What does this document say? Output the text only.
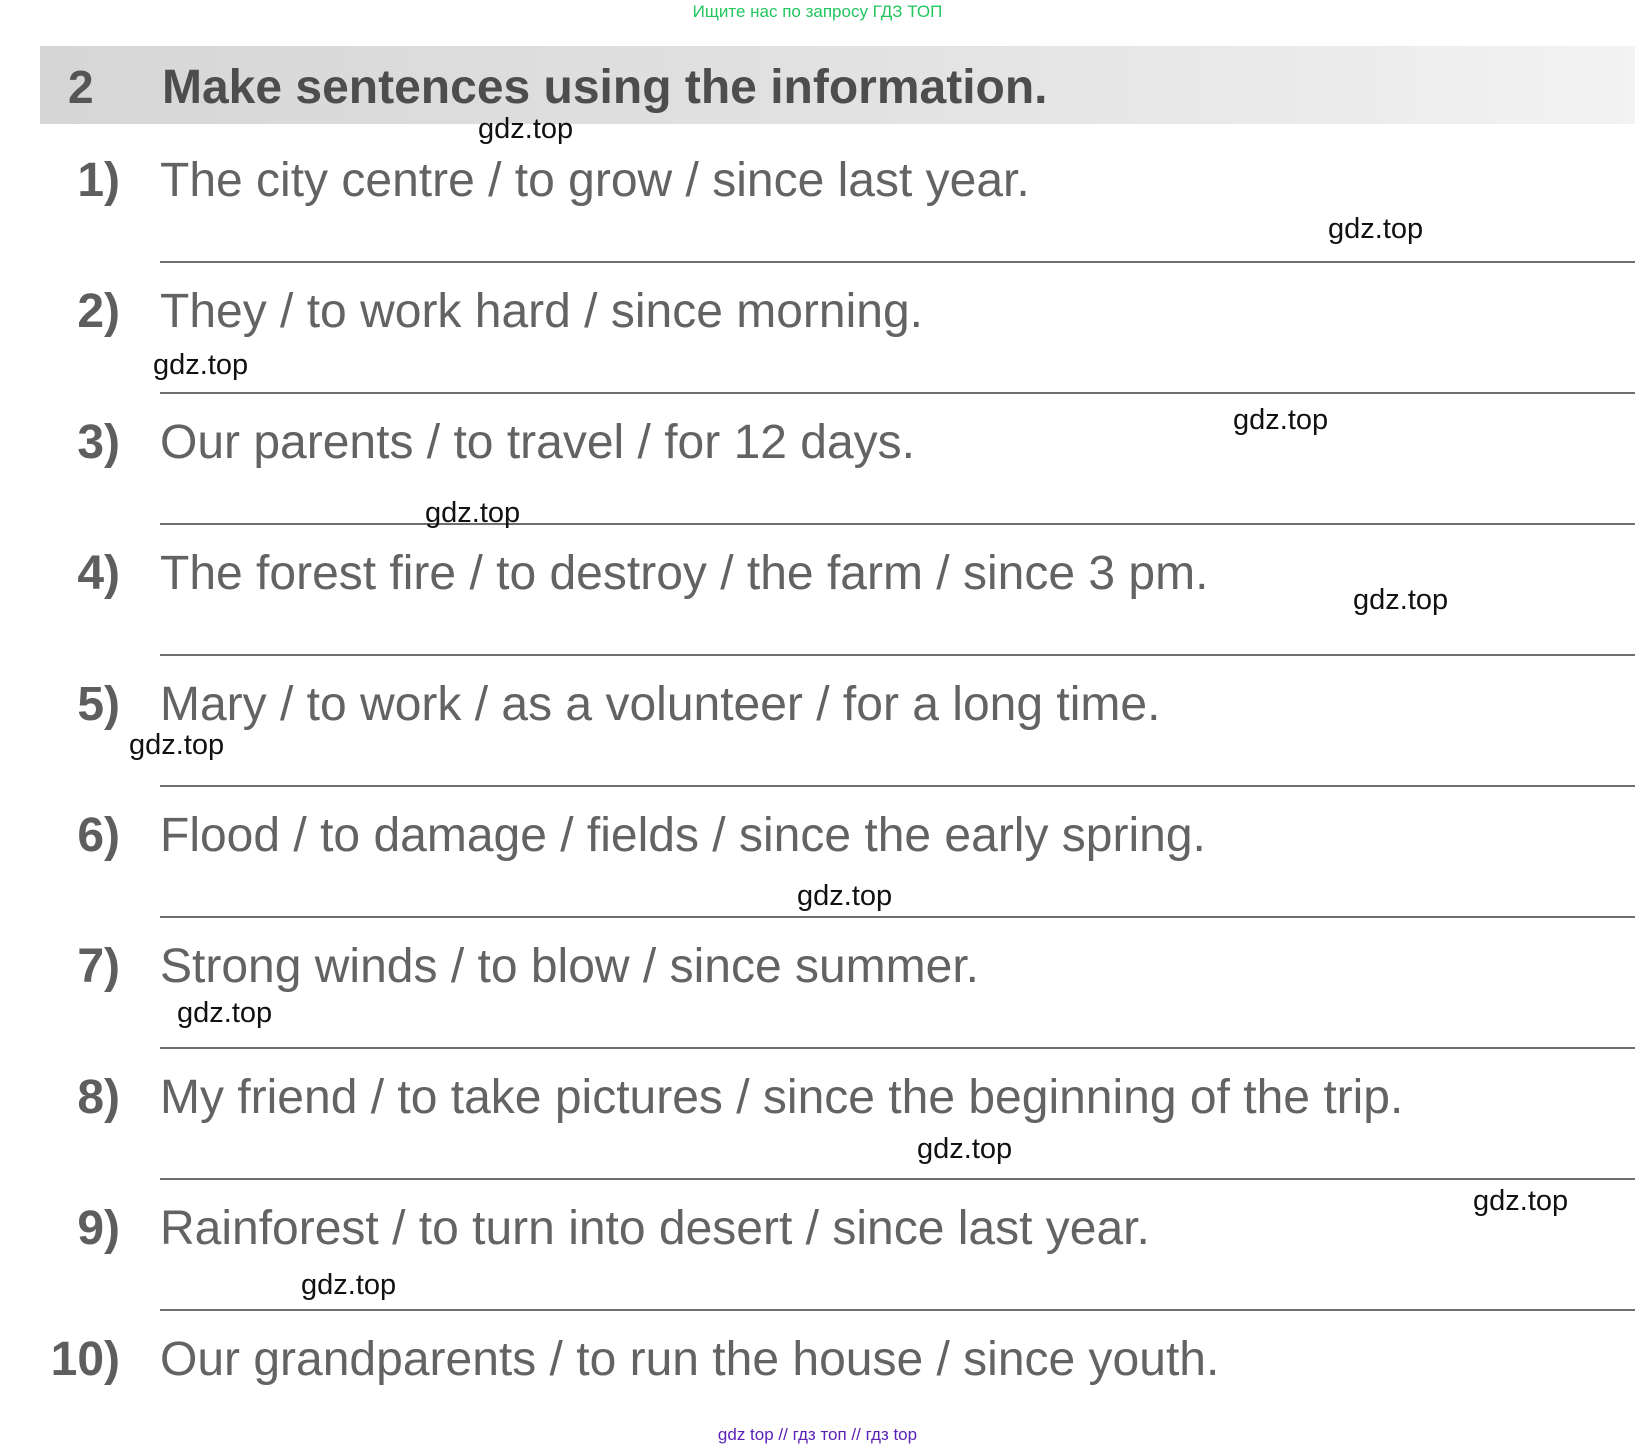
Ищите нас по запросу ГДЗ ТОП
2 Make sentences using the information.
1) The city centre / to grow / since last year.
2) They / to work hard / since morning.
3) Our parents / to travel / for 12 days.
4) The forest fire / to destroy / the farm / since 3 pm.
5) Mary / to work / as a volunteer / for a long time.
6) Flood / to damage / fields / since the early spring.
7) Strong winds / to blow / since summer.
8) My friend / to take pictures / since the beginning of the trip.
9) Rainforest / to turn into desert / since last year.
10) Our grandparents / to run the house / since youth.
gdz.top
gdz.top
gdz.top
gdz.top
gdz.top
gdz.top
gdz.top
gdz.top
gdz.top
gdz.top
gdz.top
gdz.top
gdz top // гдз топ // гдз top
